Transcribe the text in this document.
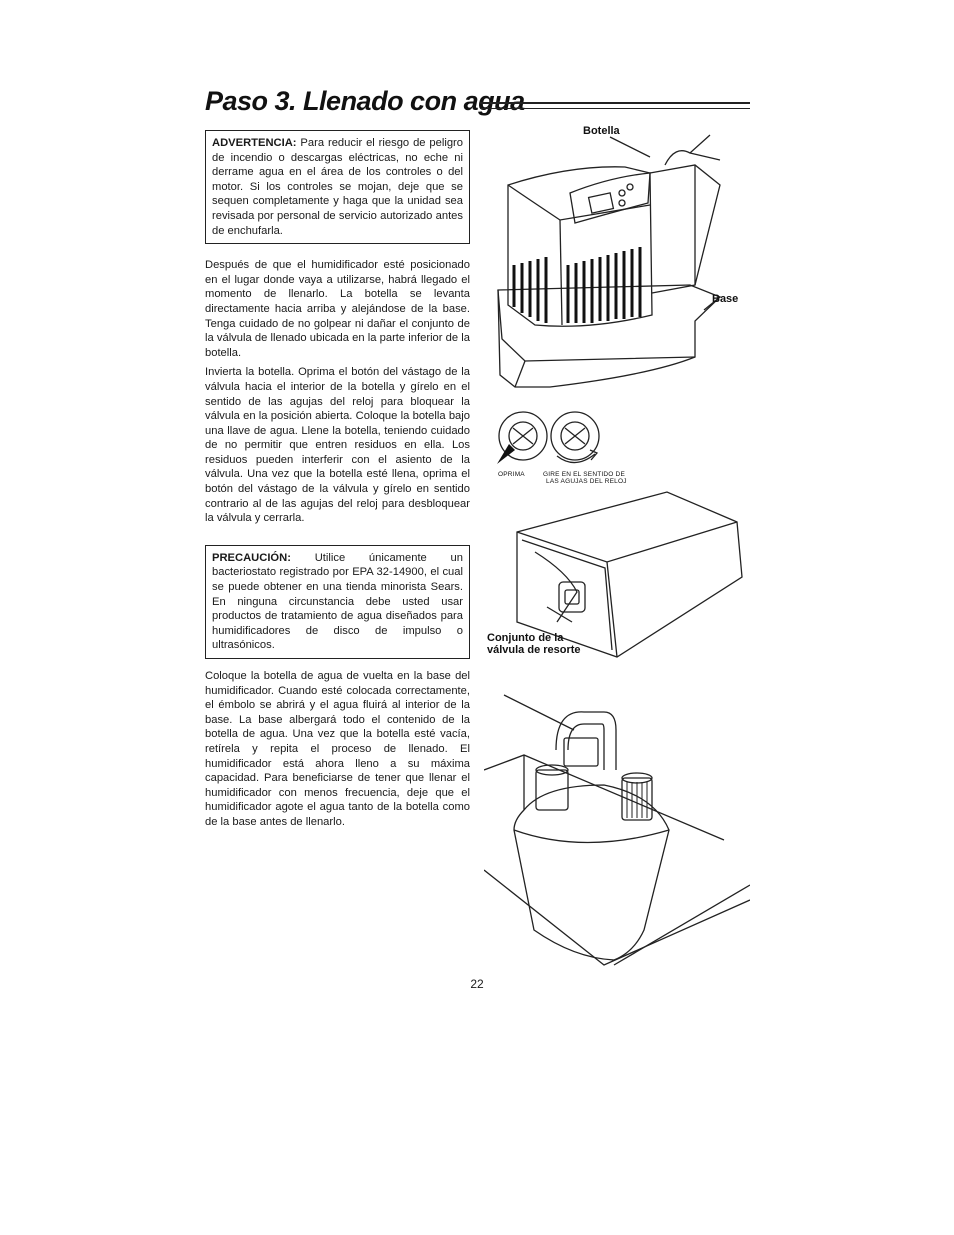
Paso 3. Llenado con agua
ADVERTENCIA: Para reducir el riesgo de peligro de incendio o descargas eléctricas, no eche ni derrame agua en el área de los controles o del motor. Si los controles se mojan, deje que se sequen completamente y haga que la unidad sea revisada por personal de servicio autorizado antes de enchufarla.

Después de que el humidificador esté posicionado en el lugar donde vaya a utilizarse, habrá llegado el momento de llenarlo. La botella se levanta directamente hacia arriba y alejándose de la base. Tenga cuidado de no golpear ni dañar el conjunto de la válvula de llenado ubicada en la parte inferior de la botella.

Invierta la botella. Oprima el botón del vástago de la válvula hacia el interior de la botella y gírelo en el sentido de las agujas del reloj para bloquear la válvula en la posición abierta. Coloque la botella bajo una llave de agua. Llene la botella, teniendo cuidado de no permitir que entren residuos en ella. Los residuos pueden interferir con el asiento de la válvula. Una vez que la botella esté llena, oprima el botón del vástago de la válvula y gírelo en sentido contrario al de las agujas del reloj para desbloquear la válvula y cerrarla.

PRECAUCIÓN: Utilice únicamente un bacteriostato registrado por EPA 32-14900, el cual se puede obtener en una tienda minorista Sears. En ninguna circunstancia debe usted usar productos de tratamiento de agua diseñados para humidificadores de disco de impulso o ultrasónicos.

Coloque la botella de agua de vuelta en la base del humidificador. Cuando esté colocada correctamente, el émbolo se abrirá y el agua fluirá al interior de la base. La base albergará todo el contenido de la botella de agua. Una vez que la botella esté vacía, retírela y repita el proceso de llenado. El humidificador está ahora lleno a su máxima capacidad. Para beneficiarse de tener que llenar el humidificador con menos frecuencia, deje que el humidificador agote el agua tanto de la botella como de la base antes de llenarlo.

Botella
Base
OPRIMA	GIRE EN EL SENTIDO DE
LAS AGUJAS DEL RELOJ
Conjunto de la
válvula de resorte
22
